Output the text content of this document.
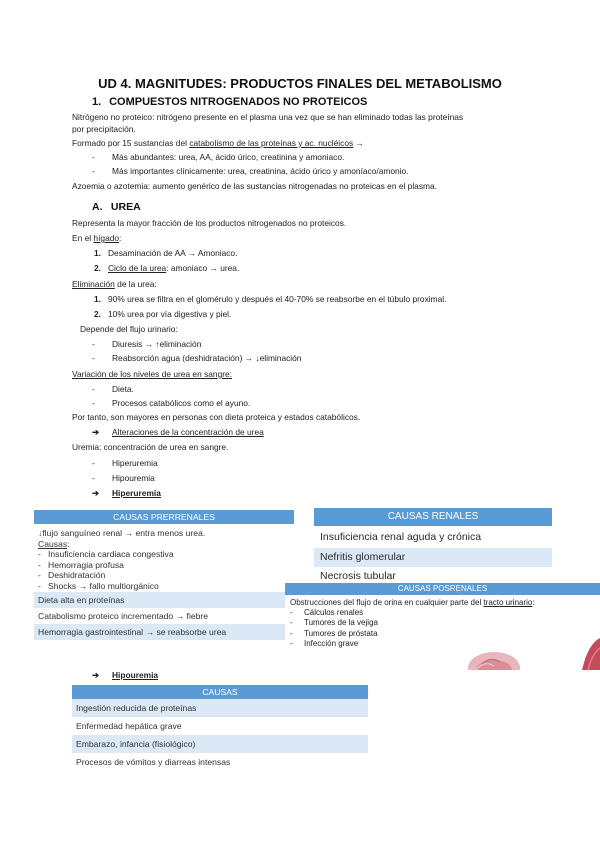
UD 4. MAGNITUDES: PRODUCTOS FINALES DEL METABOLISMO
1. COMPUESTOS NITROGENADOS NO PROTEICOS
Nitrógeno no proteico: nitrógeno presente en el plasma una vez que se han eliminado todas las proteínas
por precipitación.
Formado por 15 sustancias del catabolismo de las proteínas y ac. nucléicos →
- Más abundantes: urea, AA, ácido úrico, creatinina y amoniaco.
- Más importantes clínicamente: urea, creatinina, ácido úrico y amoníaco/amonio.
Azoemia o azotemia: aumento genérico de las sustancias nitrogenadas no proteicas en el plasma.
A. UREA
Representa la mayor fracción de los productos nitrogenados no proteicos.
En el hígado:
1. Desaminación de AA → Amoniaco.
2. Ciclo de la urea: amoniaco → urea.
Eliminación de la urea:
1. 90% urea se filtra en el glomérulo y después el 40-70% se reabsorbe en el túbulo proximal.
2. 10% urea por vía digestiva y piel.
Depende del flujo urinario:
- Diuresis → ↑eliminación
- Reabsorción agua (deshidratación) → ↓eliminación
Variación de los niveles de urea en sangre:
- Dieta.
- Procesos catabólicos como el ayuno.
Por tanto, son mayores en personas con dieta proteica y estados catabólicos.
➔ Alteraciones de la concentración de urea
Uremia: concentración de urea en sangre.
- Hiperuremia
- Hipouremia
➔ Hiperuremia
CAUSAS PRERRENALES
↓flujo sanguíneo renal → entra menos urea.
Causas:
- Insuficiencia cardiaca congestiva
- Hemorragia profusa
- Deshidratación
- Shocks → fallo multiorgánico
Dieta alta en proteínas
Catabolismo proteico incrementado → fiebre
Hemorragia gastrointestinal → se reabsorbe urea
CAUSAS RENALES
Insuficiencia renal aguda y crónica
Nefritis glomerular
Necrosis tubular
CAUSAS POSRENALES
Obstrucciones del flujo de orina en cualquier parte del tracto urinario:
- Cálculos renales
- Tumores de la vejiga
- Tumores de próstata
- Infección grave
➔ Hipouremia
CAUSAS
Ingestión reducida de proteínas
Enfermedad hepática grave
Embarazo, infancia (fisiológico)
Procesos de vómitos y diarreas intensas
